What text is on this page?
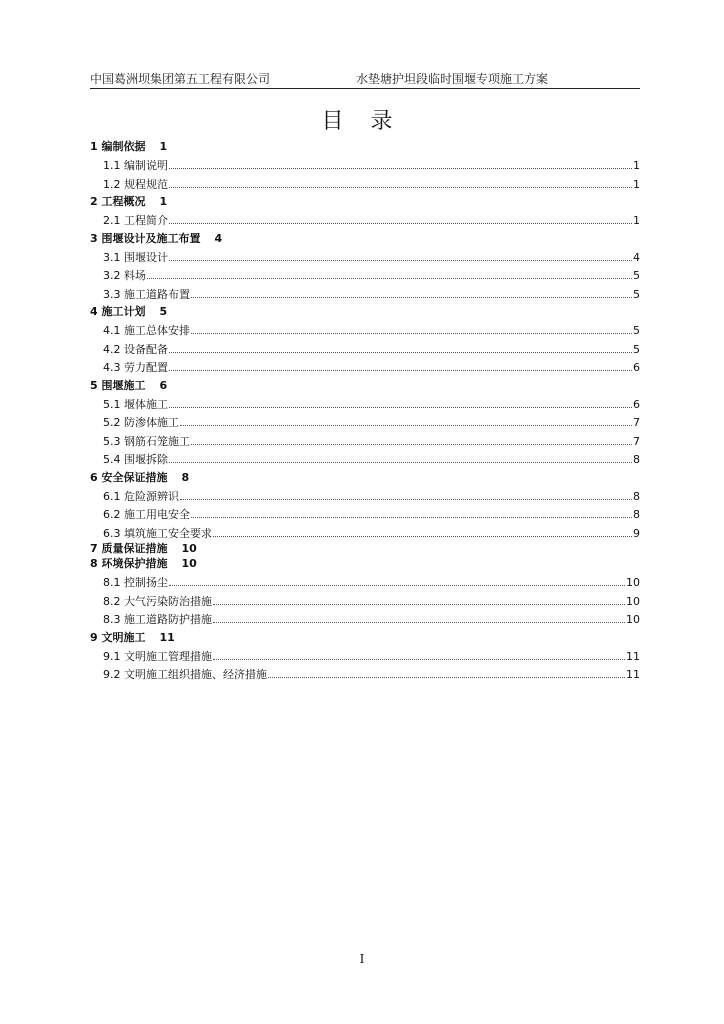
中国葛洲坝集团第五工程有限公司	水垫塘护坦段临时围堰专项施工方案
目 录
1 编制依据 1
1.1 编制说明	1
1.2 规程规范	1
2 工程概况 1
2.1 工程简介	1
3 围堰设计及施工布置 4
3.1 围堰设计	4
3.2 料场	5
3.3 施工道路布置	5
4 施工计划 5
4.1 施工总体安排	5
4.2 设备配备	5
4.3 劳力配置	6
5 围堰施工 6
5.1 堰体施工	6
5.2 防渗体施工	7
5.3 钢筋石笼施工	7
5.4 围堰拆除	8
6 安全保证措施 8
6.1 危险源辨识	8
6.2 施工用电安全	8
6.3 填筑施工安全要求	9
7 质量保证措施 10
8 环境保护措施 10
8.1 控制扬尘	10
8.2 大气污染防治措施	10
8.3 施工道路防护措施	10
9 文明施工 11
9.1 文明施工管理措施	11
9.2 文明施工组织措施、经济措施	11
I
